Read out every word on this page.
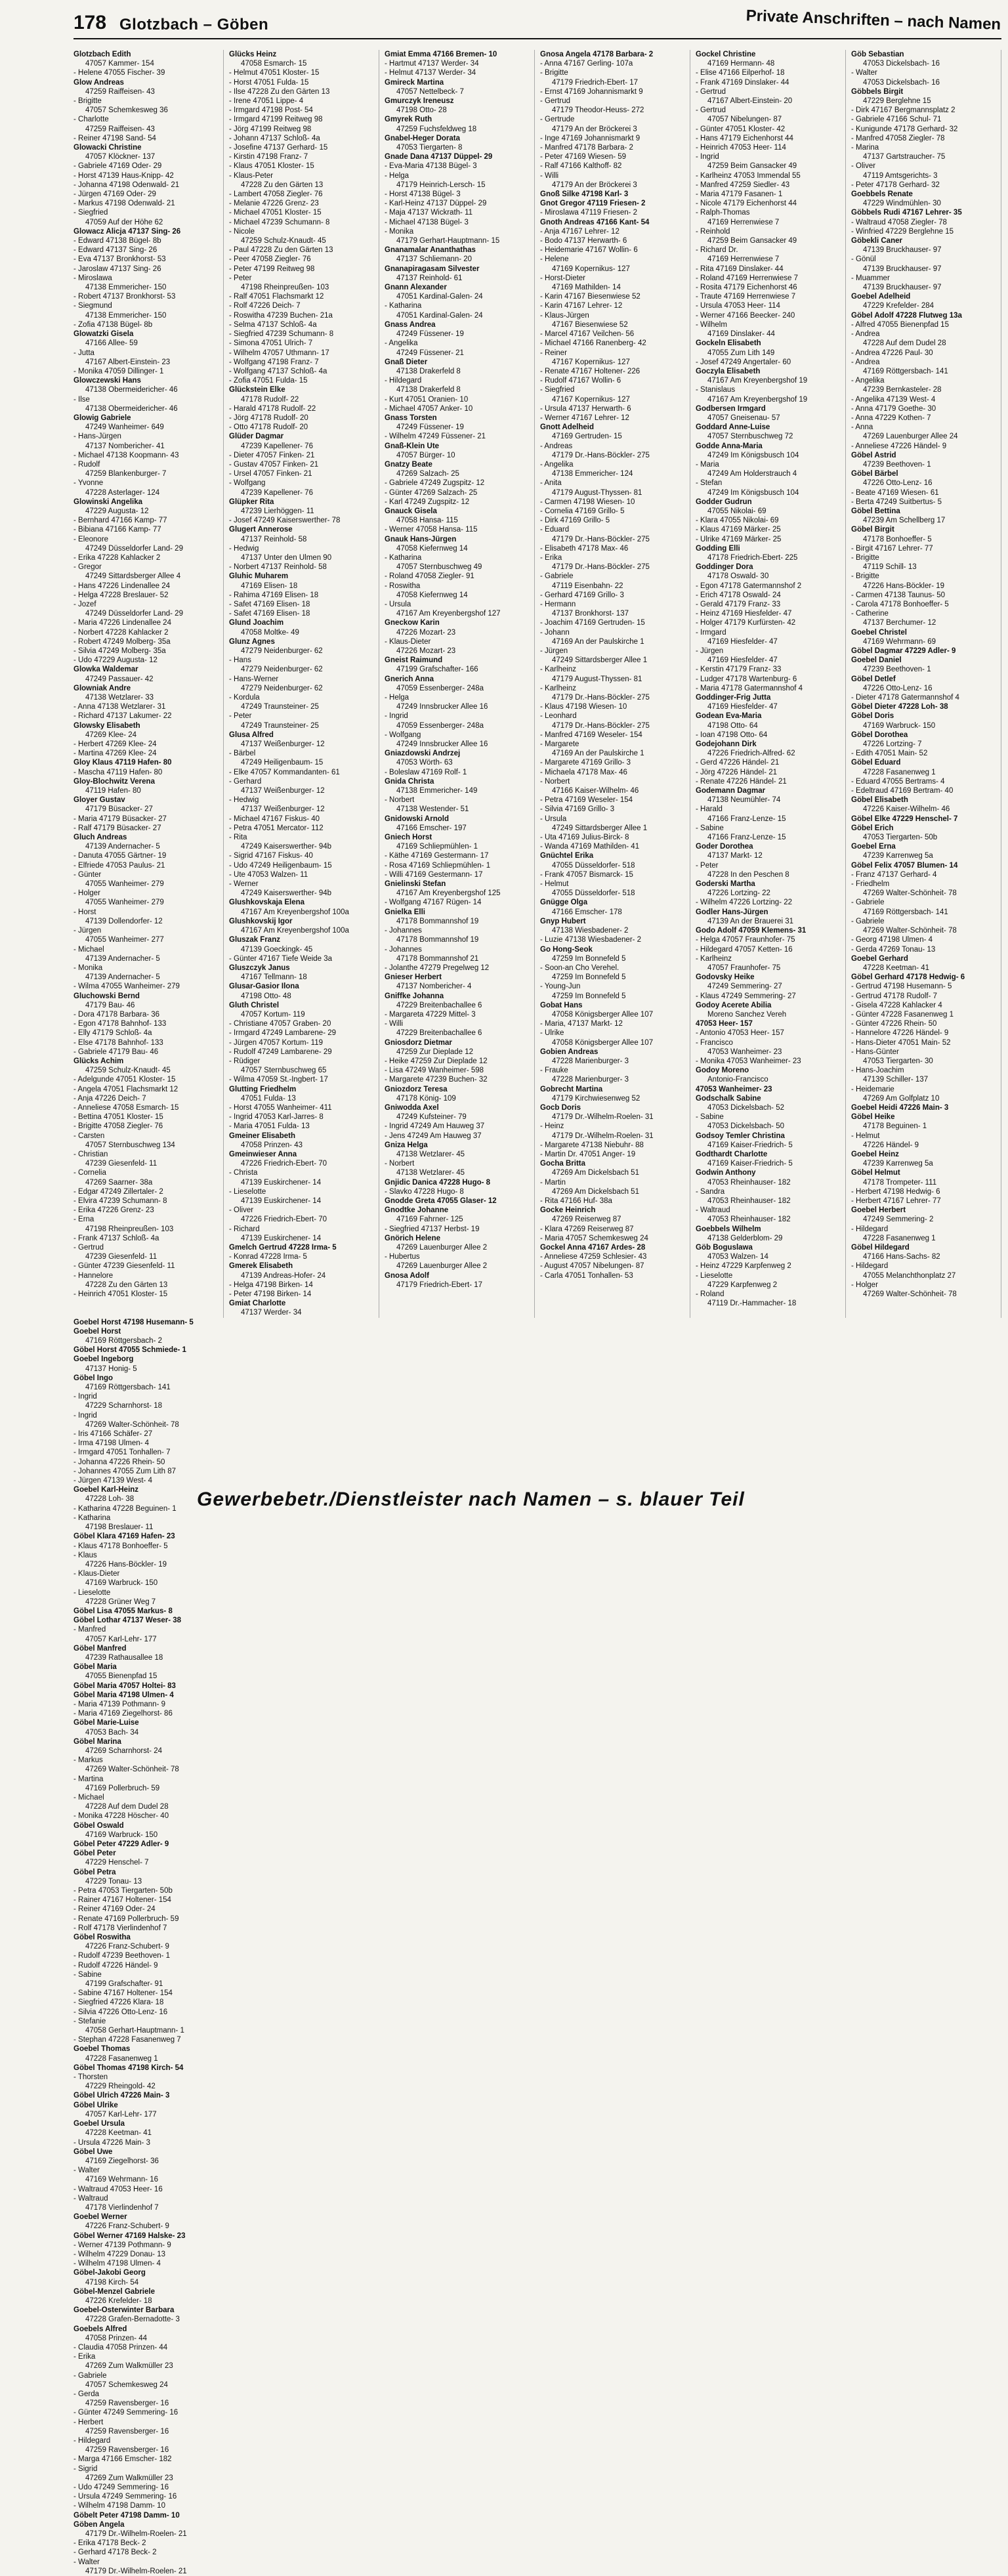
178 Glotzbach – Göben	Private Anschriften – nach Namen
Glotzbach Edith
47057 Kammer- 154
- Helene 47055 Fischer- 39
Glow Andreas
47259 Raiffeisen- 43
- Brigitte
47057 Schemkesweg 36
- Charlotte
47259 Raiffeisen- 43
- Reiner 47198 Sand- 54
Glowacki Christine
47057 Klöckner- 137
- Gabriele 47169 Oder- 29
- Horst 47139 Haus-Knipp- 42
- Johanna 47198 Odenwald- 21
- Jürgen 47169 Oder- 29
- Markus 47198 Odenwald- 21
- Siegfried
47059 Auf der Höhe 62
Glowacz Alicja 47137 Sing- 26
- Edward 47138 Bügel- 8b
- Edward 47137 Sing- 26
- Eva 47137 Bronkhorst- 53
- Jaroslaw 47137 Sing- 26
- Miroslawa
47138 Emmericher- 150
- Robert 47137 Bronkhorst- 53
- Siegmund
47138 Emmericher- 150
- Zofia 47138 Bügel- 8b
Glowatzki Gisela
47166 Allee- 59
- Jutta
47167 Albert-Einstein- 23
- Monika 47059 Dillinger- 1
Glowczewski Hans
47138 Obermeidericher- 46
- Ilse
47138 Obermeidericher- 46
Glowig Gabriele
47249 Wanheimer- 649
- Hans-Jürgen
47137 Nombericher- 41
- Michael 47138 Koopmann- 43
- Rudolf
47259 Blankenburger- 7
- Yvonne
47228 Asterlager- 124
Glowinski Angelika
47229 Augusta- 12
- Bernhard 47166 Kamp- 77
- Bibiana 47166 Kamp- 77
- Eleonore
47249 Düsseldorfer Land- 29
- Erika 47228 Kahlacker 2
- Gregor
47249 Sittardsberger Allee 4
- Hans 47226 Lindenallee 24
- Helga 47228 Breslauer- 52
- Jozef
47249 Düsseldorfer Land- 29
- Maria 47226 Lindenallee 24
- Norbert 47228 Kahlacker 2
- Robert 47249 Molberg- 35a
- Silvia 47249 Molberg- 35a
- Udo 47229 Augusta- 12
Glowka Waldemar
47249 Passauer- 42
Glowniak Andre
47138 Wetzlarer- 33
- Anna 47138 Wetzlarer- 31
- Richard 47137 Lakumer- 22
Glowsky Elisabeth
47269 Klee- 24
- Herbert 47269 Klee- 24
- Martina 47269 Klee- 24
Gloy Klaus 47119 Hafen- 80
- Mascha 47119 Hafen- 80
Gloy-Blochwitz Verena
47119 Hafen- 80
Gloyer Gustav
47179 Büsacker- 27
- Maria 47179 Büsacker- 27
- Ralf 47179 Büsacker- 27
Gluch Andreas
47139 Andernacher- 5
- Danuta 47055 Gärtner- 19
- Elfriede 47053 Paulus- 21
- Günter
47055 Wanheimer- 279
- Holger
47055 Wanheimer- 279
- Horst
47139 Dollendorfer- 12
- Jürgen
47055 Wanheimer- 277
- Michael
47139 Andernacher- 5
- Monika
47139 Andernacher- 5
- Wilma 47055 Wanheimer- 279
Gluchowski Bernd
47179 Bau- 46
- Dora 47178 Barbara- 36
- Egon 47178 Bahnhof- 133
- Elly 47179 Schloß- 4a
- Else 47178 Bahnhof- 133
- Gabriele 47179 Bau- 46
Glücks Achim
47259 Schulz-Knaudt- 45
- Adelgunde 47051 Kloster- 15
- Angela 47051 Flachsmarkt 12
- Anja 47226 Deich- 7
- Anneliese 47058 Esmarch- 15
- Bettina 47051 Kloster- 15
- Brigitte 47058 Ziegler- 76
- Carsten
47057 Sternbuschweg 134
- Christian
47239 Giesenfeld- 11
- Cornelia
47269 Saarner- 38a
- Edgar 47249 Zillertaler- 2
- Elvira 47239 Schumann- 8
- Erika 47226 Grenz- 23
- Erna
47198 Rheinpreußen- 103
- Frank 47137 Schloß- 4a
- Gertrud
47239 Giesenfeld- 11
- Günter 47239 Giesenfeld- 11
- Hannelore
47228 Zu den Gärten 13
- Heinrich 47051 Kloster- 15
Glücks Heinz
47058 Esmarch- 15
- Helmut 47051 Kloster- 15
- Horst 47051 Fulda- 15
- Ilse 47228 Zu den Gärten 13
- Irene 47051 Lippe- 4
- Irmgard 47198 Post- 54
- Irmgard 47199 Reitweg 98
- Jörg 47199 Reitweg 98
- Johann 47137 Schloß- 4a
- Josefine 47137 Gerhard- 15
- Kirstin 47198 Franz- 7
- Klaus 47051 Kloster- 15
- Klaus-Peter
47228 Zu den Gärten 13
- Lambert 47058 Ziegler- 76
- Melanie 47226 Grenz- 23
- Michael 47051 Kloster- 15
- Michael 47239 Schumann- 8
- Nicole
47259 Schulz-Knaudt- 45
- Paul 47228 Zu den Gärten 13
- Peer 47058 Ziegler- 76
- Peter 47199 Reitweg 98
- Peter
47198 Rheinpreußen- 103
- Ralf 47051 Flachsmarkt 12
- Rolf 47226 Deich- 7
- Roswitha 47239 Buchen- 21a
- Selma 47137 Schloß- 4a
- Siegfried 47239 Schumann- 8
- Simona 47051 Ulrich- 7
- Wilhelm 47057 Uthmann- 17
- Wolfgang 47198 Franz- 7
- Wolfgang 47137 Schloß- 4a
- Zofia 47051 Fulda- 15
Glückstein Elke
47178 Rudolf- 22
- Harald 47178 Rudolf- 22
- Jörg 47178 Rudolf- 20
- Otto 47178 Rudolf- 20
Glüder Dagmar
47239 Kapellener- 76
- Dieter 47057 Finken- 21
- Gustav 47057 Finken- 21
- Ursel 47057 Finken- 21
- Wolfgang
47239 Kapellener- 76
Glüpker Rita
47239 Lierhöggen- 11
- Josef 47249 Kaiserswerther- 78
Glugert Annerose
47137 Reinhold- 58
- Hedwig
47137 Unter den Ulmen 90
- Norbert 47137 Reinhold- 58
Gluhic Muharem
47169 Elisen- 18
- Rahima 47169 Elisen- 18
- Safet 47169 Elisen- 18
- Safet 47169 Elisen- 18
Glund Joachim
47058 Moltke- 49
Glunz Agnes
47279 Neidenburger- 62
- Hans
47279 Neidenburger- 62
- Hans-Werner
47279 Neidenburger- 62
- Kordula
47249 Traunsteiner- 25
- Peter
47249 Traunsteiner- 25
Glusa Alfred
47137 Weißenburger- 12
- Bärbel
47249 Heiligenbaum- 15
- Elke 47057 Kommandanten- 61
- Gerhard
47137 Weißenburger- 12
- Hedwig
47137 Weißenburger- 12
- Michael 47167 Fiskus- 40
- Petra 47051 Mercator- 112
- Rita
47249 Kaiserswerther- 94b
- Sigrid 47167 Fiskus- 40
- Udo 47249 Heiligenbaum- 15
- Ute 47053 Walzen- 11
- Werner
47249 Kaiserswerther- 94b
Glushkovskaja Elena
47167 Am Kreyenbergshof 100a
Glushkovskij Igor
47167 Am Kreyenbergshof 100a
Gluszak Franz
47139 Goeckingk- 45
- Günter 47167 Tiefe Weide 3a
Gluszczyk Janus
47167 Tellmann- 18
Glusar-Gasior Ilona
47198 Otto- 48
Gluth Christel
47057 Kortum- 119
- Christiane 47057 Graben- 20
- Irmgard 47249 Lambarene- 29
- Jürgen 47057 Kortum- 119
- Rudolf 47249 Lambarene- 29
- Rüdiger
47057 Sternbuschweg 65
- Wilma 47059 St.-Ingbert- 17
Glutting Friedhelm
47051 Fulda- 13
- Horst 47055 Wanheimer- 411
- Ingrid 47053 Karl-Jarres- 8
- Maria 47051 Fulda- 13
Gmeiner Elisabeth
47058 Prinzen- 43
Gmeinwieser Anna
47226 Friedrich-Ebert- 70
- Christa
47139 Euskirchener- 14
- Lieselotte
47139 Euskirchener- 14
- Oliver
47226 Friedrich-Ebert- 70
- Richard
47139 Euskirchener- 14
Gmelch Gertrud 47228 Irma- 5
- Konrad 47228 Irma- 5
Gmerek Elisabeth
47139 Andreas-Hofer- 24
- Helga 47198 Birken- 14
- Peter 47198 Birken- 14
Gmiat Charlotte
47137 Werder- 34
Gmiat Emma 47166 Bremen- 10
- Hartmut 47137 Werder- 34
- Helmut 47137 Werder- 34
Gmireck Martina
47057 Nettelbeck- 7
Gmurczyk Ireneusz
47198 Otto- 28
Gmyrek Ruth
47259 Fuchsfeldweg 18
Gnabel-Heger Dorata
47053 Tiergarten- 8
Gnade Dana 47137 Düppel- 29
- Eva-Maria 47138 Bügel- 3
- Helga
47179 Heinrich-Lersch- 15
- Horst 47138 Bügel- 3
- Karl-Heinz 47137 Düppel- 29
- Maja 47137 Wickrath- 11
- Michael 47138 Bügel- 3
- Monika
47179 Gerhart-Hauptmann- 15
Gnanamalar Ananthathas
47137 Schliemann- 20
Gnanapiragasam Silvester
47137 Reinhold- 61
Gnann Alexander
47051 Kardinal-Galen- 24
- Katharina
47051 Kardinal-Galen- 24
Gnass Andrea
47249 Füssener- 19
- Angelika
47249 Füssener- 21
Gnaß Dieter
47138 Drakerfeld 8
- Hildegard
47138 Drakerfeld 8
- Kurt 47051 Oranien- 10
- Michael 47057 Anker- 10
Gnass Torsten
47249 Füssener- 19
- Wilhelm 47249 Füssener- 21
Gnaß-Klein Ute
47057 Bürger- 10
Gnatzy Beate
47269 Salzach- 25
- Gabriele 47249 Zugspitz- 12
- Günter 47269 Salzach- 25
- Karl 47249 Zugspitz- 12
Gnauck Gisela
47058 Hansa- 115
- Werner 47058 Hansa- 115
Gnauk Hans-Jürgen
47058 Kiefernweg 14
- Katharina
47057 Sternbuschweg 49
- Roland 47058 Ziegler- 91
- Roswitha
47058 Kiefernweg 14
- Ursula
47167 Am Kreyenbergshof 127
Gneckow Karin
47226 Mozart- 23
- Klaus-Dieter
47226 Mozart- 23
Gneist Raimund
47199 Grafschafter- 166
Gnerich Anna
47059 Essenberger- 248a
- Helga
47249 Innsbrucker Allee 16
- Ingrid
47059 Essenberger- 248a
- Wolfgang
47249 Innsbrucker Allee 16
Gniazdowski Andrzej
47053 Wörth- 63
- Boleslaw 47169 Rolf- 1
Gnida Christa
47138 Emmericher- 149
- Norbert
47138 Westender- 51
Gnidowski Arnold
47166 Emscher- 197
Gniech Horst
47169 Schliepmühlen- 1
- Käthe 47169 Gestermann- 17
- Rosa 47169 Schliepmühlen- 1
- Willi 47169 Gestermann- 17
Gnielinski Stefan
47167 Am Kreyenbergshof 125
- Wolfgang 47167 Rügen- 14
Gnielka Elli
47178 Bommannshof 19
- Johannes
47178 Bommannshof 19
- Johannes
47178 Bommannshof 21
- Jolanthe 47279 Pregelweg 12
Gnieser Herbert
47137 Nombericher- 4
Gniffke Johanna
47229 Breitenbachallee 6
- Margareta 47229 Mittel- 3
- Willi
47229 Breitenbachallee 6
Gniosdorz Dietmar
47259 Zur Dieplade 12
- Heike 47259 Zur Dieplade 12
- Lisa 47249 Wanheimer- 598
- Margarete 47239 Buchen- 32
Gniozdorz Teresa
47178 König- 109
Gniwodda Axel
47249 Kufsteiner- 79
- Ingrid 47249 Am Hauweg 37
- Jens 47249 Am Hauweg 37
Gniza Helga
47138 Wetzlarer- 45
- Norbert
47138 Wetzlarer- 45
Gnjidic Danica 47228 Hugo- 8
- Slavko 47228 Hugo- 8
Gnodde Greta 47055 Glaser- 12
Gnodtke Johanne
47169 Fahrner- 125
- Siegfried 47137 Herbst- 19
Gnörich Helene
47269 Lauenburger Allee 2
- Hubertus
47269 Lauenburger Allee 2
Gnosa Adolf
47179 Friedrich-Ebert- 17
Gnosa Angela 47178 Barbara- 2
- Anna 47167 Gerling- 107a
- Brigitte
47179 Friedrich-Ebert- 17
- Ernst 47169 Johannismarkt 9
- Gertrud
47179 Theodor-Heuss- 272
- Gertrude
47179 An der Bröckerei 3
- Inge 47169 Johannismarkt 9
- Manfred 47178 Barbara- 2
- Peter 47169 Wiesen- 59
- Ralf 47166 Kalthoff- 82
- Willi
47179 An der Bröckerei 3
Gnoß Silke 47198 Karl- 3
Gnot Gregor 47119 Friesen- 2
- Miroslawa 47119 Friesen- 2
Gnoth Andreas 47166 Kant- 54
- Anja 47167 Lehrer- 12
- Bodo 47137 Herwarth- 6
- Heidemarie 47167 Wollin- 6
- Helene
47169 Kopernikus- 127
- Horst-Dieter
47169 Mathilden- 14
- Karin 47167 Biesenwiese 52
- Karin 47167 Lehrer- 12
- Klaus-Jürgen
47167 Biesenwiese 52
- Marcel 47167 Veilchen- 56
- Michael 47166 Ranenberg- 42
- Reiner
47167 Kopernikus- 127
- Renate 47167 Holtener- 226
- Rudolf 47167 Wollin- 6
- Siegfried
47167 Kopernikus- 127
- Ursula 47137 Herwarth- 6
- Werner 47167 Lehrer- 12
Gnott Adelheid
47169 Gertruden- 15
- Andreas
47179 Dr.-Hans-Böckler- 275
- Angelika
47138 Emmericher- 124
- Anita
47179 August-Thyssen- 81
- Carmen 47198 Wiesen- 10
- Cornelia 47169 Grillo- 5
- Dirk 47169 Grillo- 5
- Eduard
47179 Dr.-Hans-Böckler- 275
- Elisabeth 47178 Max- 46
- Erika
47179 Dr.-Hans-Böckler- 275
- Gabriele
47119 Eisenbahn- 22
- Gerhard 47169 Grillo- 3
- Hermann
47137 Bronkhorst- 137
- Joachim 47169 Gertruden- 15
- Johann
47169 An der Paulskirche 1
- Jürgen
47249 Sittardsberger Allee 1
- Karlheinz
47179 August-Thyssen- 81
- Karlheinz
47179 Dr.-Hans-Böckler- 275
- Klaus 47198 Wiesen- 10
- Leonhard
47179 Dr.-Hans-Böckler- 275
- Manfred 47169 Weseler- 154
- Margarete
47169 An der Paulskirche 1
- Margarete 47169 Grillo- 3
- Michaela 47178 Max- 46
- Norbert
47166 Kaiser-Wilhelm- 46
- Petra 47169 Weseler- 154
- Silvia 47169 Grillo- 3
- Ursula
47249 Sittardsberger Allee 1
- Uta 47169 Julius-Birck- 8
- Wanda 47169 Mathilden- 41
Gnüchtel Erika
47055 Düsseldorfer- 518
- Frank 47057 Bismarck- 15
- Helmut
47055 Düsseldorfer- 518
Gnügge Olga
47166 Emscher- 178
Gnyp Hubert
47138 Wiesbadener- 2
- Luzie 47138 Wiesbadener- 2
Go Hong-Seok
47259 Im Bonnefeld 5
- Soon-an Cho Verehel.
47259 Im Bonnefeld 5
- Young-Jun
47259 Im Bonnefeld 5
Gobat Hans
47058 Königsberger Allee 107
- Maria, 47137 Markt- 12
- Ulrike
47058 Königsberger Allee 107
Gobien Andreas
47228 Marienburger- 3
- Frauke
47228 Marienburger- 3
Gobrecht Martina
47179 Kirchwiesenweg 52
Gocb Doris
47179 Dr.-Wilhelm-Roelen- 31
- Heinz
47179 Dr.-Wilhelm-Roelen- 31
- Margarete 47138 Niebuhr- 88
- Martin Dr. 47051 Anger- 19
Gocha Britta
47269 Am Dickelsbach 51
- Martin
47269 Am Dickelsbach 51
- Rita 47166 Huf- 38a
Gocke Heinrich
47269 Reiserweg 87
- Klara 47269 Reiserweg 87
- Maria 47057 Schemkesweg 24
Gockel Anna 47167 Ardes- 28
- Anneliese 47259 Schlesier- 43
- August 47057 Nibelungen- 87
- Carla 47051 Tonhallen- 53
Gockel Christine
47169 Hermann- 48
- Elise 47166 Eilperhof- 18
- Frank 47169 Dinslaker- 44
- Gertrud
47167 Albert-Einstein- 20
- Gertrud
47057 Nibelungen- 87
- Günter 47051 Kloster- 42
- Hans 47179 Eichenhorst 44
- Heinrich 47053 Heer- 114
- Ingrid
47259 Beim Gansacker 49
- Karlheinz 47053 Immendal 55
- Manfred 47259 Siedler- 43
- Maria 47179 Fasanen- 1
- Nicole 47179 Eichenhorst 44
- Ralph-Thomas
47169 Herrenwiese 7
- Reinhold
47259 Beim Gansacker 49
- Richard Dr.
47169 Herrenwiese 7
- Rita 47169 Dinslaker- 44
- Roland 47169 Herrenwiese 7
- Rosita 47179 Eichenhorst 46
- Traute 47169 Herrenwiese 7
- Ursula 47053 Heer- 114
- Werner 47166 Beecker- 240
- Wilhelm
47169 Dinslaker- 44
Gockeln Elisabeth
47055 Zum Lith 149
- Josef 47249 Angertaler- 60
Goczyla Elisabeth
47167 Am Kreyenbergshof 19
- Stanislaus
47167 Am Kreyenbergshof 19
Godbersen Irmgard
47057 Gneisenau- 57
Goddard Anne-Luise
47057 Sternbuschweg 72
Godde Anna-Maria
47249 Im Königsbusch 104
- Maria
47249 Am Holderstrauch 4
- Stefan
47249 Im Königsbusch 104
Godder Gudrun
47055 Nikolai- 69
- Klara 47055 Nikolai- 69
- Klaus 47169 Märker- 25
- Ulrike 47169 Märker- 25
Godding Elli
47178 Friedrich-Ebert- 225
Goddinger Dora
47178 Oswald- 30
- Egon 47178 Gatermannshof 2
- Erich 47178 Oswald- 24
- Gerald 47179 Franz- 33
- Heinz 47169 Hiesfelder- 47
- Holger 47179 Kurfürsten- 42
- Irmgard
47169 Hiesfelder- 47
- Jürgen
47169 Hiesfelder- 47
- Kerstin 47179 Franz- 33
- Ludger 47178 Wartenburg- 6
- Maria 47178 Gatermannshof 4
Goddinger-Frig Jutta
47169 Hiesfelder- 47
Godean Eva-Maria
47198 Otto- 64
- Ioan 47198 Otto- 64
Godejohann Dirk
47226 Friedrich-Alfred- 62
- Gerd 47226 Händel- 21
- Jörg 47226 Händel- 21
- Renate 47226 Händel- 21
Godemann Dagmar
47138 Neumühler- 74
- Harald
47166 Franz-Lenze- 15
- Sabine
47166 Franz-Lenze- 15
Goder Dorothea
47137 Markt- 12
- Peter
47228 In den Peschen 8
Goderski Martha
47226 Lortzing- 22
- Wilhelm 47226 Lortzing- 22
Godler Hans-Jürgen
47139 An der Brauerei 31
Godo Adolf 47059 Klemens- 31
- Helga 47057 Fraunhofer- 75
- Hildegard 47057 Ketten- 16
- Karlheinz
47057 Fraunhofer- 75
Godovsky Heike
47249 Semmering- 27
- Klaus 47249 Semmering- 27
Godoy Acerete Abilia
Moreno Sanchez Vereh
47053 Heer- 157
- Antonio 47053 Heer- 157
- Francisco
47053 Wanheimer- 23
- Monika 47053 Wanheimer- 23
Godoy Moreno
Antonio-Francisco
47053 Wanheimer- 23
Godschalk Sabine
47053 Dickelsbach- 52
- Sabine
47053 Dickelsbach- 50
Godsoy Temler Christina
47169 Kaiser-Friedrich- 5
Godthardt Charlotte
47169 Kaiser-Friedrich- 5
Godwin Anthony
47053 Rheinhauser- 182
- Sandra
47053 Rheinhauser- 182
- Waltraud
47053 Rheinhauser- 182
Goebbels Wilhelm
47138 Gelderblom- 29
Göb Boguslawa
47053 Walzen- 14
- Heinz 47229 Karpfenweg 2
- Lieselotte
47229 Karpfenweg 2
- Roland
47119 Dr.-Hammacher- 18
Göb Sebastian
47053 Dickelsbach- 16
- Walter
47053 Dickelsbach- 16
Göbbels Birgit
47229 Berglehne 15
- Dirk 47167 Bergmannsplatz 2
- Gabriele 47166 Schul- 71
- Kunigunde 47178 Gerhard- 32
- Manfred 47058 Ziegler- 78
- Marina
47137 Gartstraucher- 75
- Oliver
47119 Amtsgerichts- 3
- Peter 47178 Gerhard- 32
Goebbels Renate
47229 Windmühlen- 30
Göbbels Rudi 47167 Lehrer- 35
- Waltraud 47058 Ziegler- 78
- Winfried 47229 Berglehne 15
Göbekli Caner
47139 Bruckhauser- 97
- Gönül
47139 Bruckhauser- 97
- Muammer
47139 Bruckhauser- 97
Goebel Adelheid
47229 Krefelder- 284
Göbel Adolf 47228 Flutweg 13a
- Alfred 47055 Bienenpfad 15
- Andrea
47228 Auf dem Dudel 28
- Andrea 47226 Paul- 30
- Andrea
47169 Röttgersbach- 141
- Angelika
47239 Bernkasteler- 28
- Angelika 47139 West- 4
- Anna 47179 Goethe- 30
- Anna 47229 Kothen- 7
- Anna
47269 Lauenburger Allee 24
- Anneliese 47226 Händel- 9
Göbel Astrid
47239 Beethoven- 1
Göbel Bärbel
47226 Otto-Lenz- 16
- Beate 47169 Wiesen- 61
- Berta 47249 Suitbertus- 5
Göbel Bettina
47239 Am Schellberg 17
Göbel Birgit
47178 Bonhoeffer- 5
- Birgit 47167 Lehrer- 77
- Brigitte
47119 Schill- 13
- Brigitte
47226 Hans-Böckler- 19
- Carmen 47138 Taunus- 50
- Carola 47178 Bonhoeffer- 5
- Catherine
47137 Berchumer- 12
Goebel Christel
47169 Wehrmann- 69
Göbel Dagmar 47229 Adler- 9
Goebel Daniel
47239 Beethoven- 1
Göbel Detlef
47226 Otto-Lenz- 16
- Dieter 47178 Gatermannshof 4
Göbel Dieter 47228 Loh- 38
Göbel Doris
47169 Warbruck- 150
Göbel Dorothea
47226 Lortzing- 7
- Edith 47051 Main- 52
Göbel Eduard
47228 Fasanenweg 1
- Eduard 47055 Bertrams- 4
- Edeltraud 47169 Bertram- 40
Göbel Elisabeth
47226 Kaiser-Wilhelm- 46
Göbel Elke 47229 Henschel- 7
Göbel Erich
47053 Tiergarten- 50b
Goebel Erna
47239 Karrenweg 5a
Göbel Felix 47057 Blumen- 14
- Franz 47137 Gerhard- 4
- Friedhelm
47269 Walter-Schönheit- 78
- Gabriele
47169 Röttgersbach- 141
- Gabriele
47269 Walter-Schönheit- 78
- Georg 47198 Ulmen- 4
- Gerda 47269 Tonau- 13
Goebel Gerhard
47228 Keetman- 41
Göbel Gerhard 47178 Hedwig- 6
- Gertrud 47198 Husemann- 5
- Gertrud 47178 Rudolf- 7
- Gisela 47228 Kahlacker 4
- Günter 47228 Fasanenweg 1
- Günter 47226 Rhein- 50
- Hannelore 47226 Händel- 9
- Hans-Dieter 47051 Main- 52
- Hans-Günter
47053 Tiergarten- 30
- Hans-Joachim
47139 Schiller- 137
- Heidemarie
47269 Am Golfplatz 10
Goebel Heidi 47226 Main- 3
Göbel Heike
47178 Beguinen- 1
- Helmut
47226 Händel- 9
Goebel Heinz
47239 Karrenweg 5a
Göbel Helmut
47178 Trompeter- 111
- Herbert 47198 Hedwig- 6
- Herbert 47167 Lehrer- 77
Goebel Herbert
47249 Semmering- 2
- Hildegard
47228 Fasanenweg 1
Göbel Hildegard
47166 Hans-Sachs- 82
- Hildegard
47055 Melanchthonplatz 27
- Holger
47269 Walter-Schönheit- 78
Goebel Horst 47198 Husemann- 5
Goebel Horst
47169 Röttgersbach- 2
Göbel Horst 47055 Schmiede- 1
Goebel Ingeborg
47137 Honig- 5
Göbel Ingo
47169 Röttgersbach- 141
- Ingrid
47229 Scharnhorst- 18
- Ingrid
47269 Walter-Schönheit- 78
- Iris 47166 Schäfer- 27
- Irma 47198 Ulmen- 4
- Irmgard 47051 Tonhallen- 7
- Johanna 47226 Rhein- 50
- Johannes 47055 Zum Lith 87
- Jürgen 47139 West- 4
Goebel Karl-Heinz
47228 Loh- 38
- Katharina 47228 Beguinen- 1
- Katharina
47198 Breslauer- 11
Göbel Klara 47169 Hafen- 23
- Klaus 47178 Bonhoeffer- 5
- Klaus
47226 Hans-Böckler- 19
- Klaus-Dieter
47169 Warbruck- 150
- Lieselotte
47228 Grüner Weg 7
Göbel Lisa 47055 Markus- 8
Göbel Lothar 47137 Weser- 38
- Manfred
47057 Karl-Lehr- 177
Göbel Manfred
47239 Rathausallee 18
Göbel Maria
47055 Bienenpfad 15
Göbel Maria 47057 Holtei- 83
Göbel Maria 47198 Ulmen- 4
- Maria 47139 Pothmann- 9
- Maria 47169 Ziegelhorst- 86
Göbel Marie-Luise
47053 Bach- 34
Göbel Marina
47269 Scharnhorst- 24
- Markus
47269 Walter-Schönheit- 78
- Martina
47169 Pollerbruch- 59
- Michael
47228 Auf dem Dudel 28
- Monika 47228 Höscher- 40
Göbel Oswald
47169 Warbruck- 150
Göbel Peter 47229 Adler- 9
Göbel Peter
47229 Henschel- 7
Göbel Petra
47229 Tonau- 13
- Petra 47053 Tiergarten- 50b
- Rainer 47167 Holtener- 154
- Reiner 47169 Oder- 24
- Renate 47169 Pollerbruch- 59
- Rolf 47178 Vierlindenhof 7
Göbel Roswitha
47226 Franz-Schubert- 9
- Rudolf 47239 Beethoven- 1
- Rudolf 47226 Händel- 9
- Sabine
47199 Grafschafter- 91
- Sabine 47167 Holtener- 154
- Siegfried 47226 Klara- 18
- Silvia 47226 Otto-Lenz- 16
- Stefanie
47058 Gerhart-Hauptmann- 1
- Stephan 47228 Fasanenweg 7
Goebel Thomas
47228 Fasanenweg 1
Göbel Thomas 47198 Kirch- 54
- Thorsten
47229 Rheingold- 42
Göbel Ulrich 47226 Main- 3
Göbel Ulrike
47057 Karl-Lehr- 177
Goebel Ursula
47228 Keetman- 41
- Ursula 47226 Main- 3
Göbel Uwe
47169 Ziegelhorst- 36
- Walter
47169 Wehrmann- 16
- Waltraud 47053 Heer- 16
- Waltraud
47178 Vierlindenhof 7
Goebel Werner
47226 Franz-Schubert- 9
Göbel Werner 47169 Halske- 23
- Werner 47139 Pothmann- 9
- Wilhelm 47229 Donau- 13
- Wilhelm 47198 Ulmen- 4
Göbel-Jakobi Georg
47198 Kirch- 54
Göbel-Menzel Gabriele
47226 Krefelder- 18
Goebel-Osterwinter Barbara
47228 Grafen-Bernadotte- 3
Goebels Alfred
47058 Prinzen- 44
- Claudia 47058 Prinzen- 44
- Erika
47269 Zum Walkmüller 23
- Gabriele
47057 Schemkesweg 24
- Gerda
47259 Ravensberger- 16
- Günter 47249 Semmering- 16
- Herbert
47259 Ravensberger- 16
- Hildegard
47259 Ravensberger- 16
- Marga 47166 Emscher- 182
- Sigrid
47269 Zum Walkmüller 23
- Udo 47249 Semmering- 16
- Ursula 47249 Semmering- 16
- Wilhelm 47198 Damm- 10
Göbelt Peter 47198 Damm- 10
Göben Angela
47179 Dr.-Wilhelm-Roelen- 21
- Erika 47178 Beck- 2
- Gerhard 47178 Beck- 2
- Walter
47179 Dr.-Wilhelm-Roelen- 21
Gewerbebetr./Dienstleister nach Namen – s. blauer Teil
